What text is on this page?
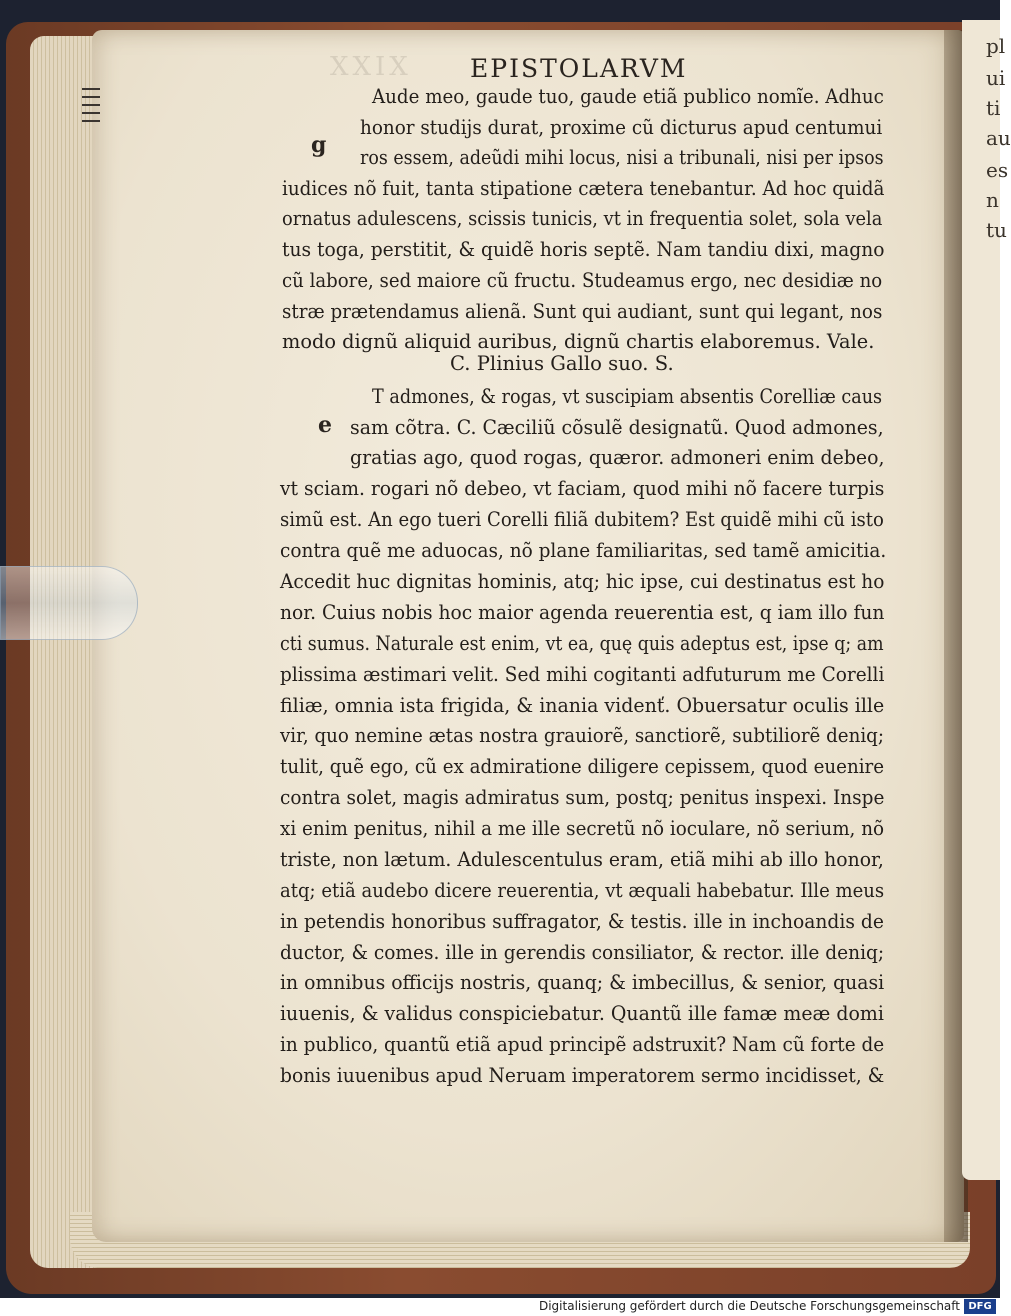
pl
ui
ti
au
es
n
tu
XXIX EPISTOLARVM
g
e
C. Plinius Gallo suo. S.
Aude meo, gaude tuo, gaude etiã publico nomĩe. Adhuc
honor studijs durat, proxime cũ dicturus apud centumui
ros essem, adeũdi mihi locus, nisi a tribunali, nisi per ipsos
iudices nõ fuit, tanta stipatione cætera tenebantur. Ad hoc quidã
ornatus adulescens, scissis tunicis, vt in frequentia solet, sola vela
tus toga, perstitit, & quidẽ horis septẽ. Nam tandiu dixi, magno
cũ labore, sed maiore cũ fructu. Studeamus ergo, nec desidiæ no
stræ prætendamus alienã. Sunt qui audiant, sunt qui legant, nos
modo dignũ aliquid auribus, dignũ chartis elaboremus. Vale.
T admones, & rogas, vt suscipiam absentis Corelliæ caus
sam cõtra. C. Cæciliũ cõsulẽ designatũ. Quod admones,
gratias ago, quod rogas, quæror. admoneri enim debeo,
vt sciam. rogari nõ debeo, vt faciam, quod mihi nõ facere turpis
simũ est. An ego tueri Corelli filiã dubitem? Est quidẽ mihi cũ isto
contra quẽ me aduocas, nõ plane familiaritas, sed tamẽ amicitia.
Accedit huc dignitas hominis, atq; hic ipse, cui destinatus est ho
nor. Cuius nobis hoc maior agenda reuerentia est, q iam illo fun
cti sumus. Naturale est enim, vt ea, quę quis adeptus est, ipse q; am
plissima æstimari velit. Sed mihi cogitanti adfuturum me Corelli
filiæ, omnia ista frigida, & inania videnť. Obuersatur oculis ille
vir, quo nemine ætas nostra grauiorẽ, sanctiorẽ, subtiliorẽ deniq;
tulit, quẽ ego, cũ ex admiratione diligere cepissem, quod euenire
contra solet, magis admiratus sum, postq; penitus inspexi. Inspe
xi enim penitus, nihil a me ille secretũ nõ ioculare, nõ serium, nõ
triste, non lætum. Adulescentulus eram, etiã mihi ab illo honor,
atq; etiã audebo dicere reuerentia, vt æquali habebatur. Ille meus
in petendis honoribus suffragator, & testis. ille in inchoandis de
ductor, & comes. ille in gerendis consiliator, & rector. ille deniq;
in omnibus officijs nostris, quanq; & imbecillus, & senior, quasi
iuuenis, & validus conspiciebatur. Quantũ ille famæ meæ domi
in publico, quantũ etiã apud principẽ adstruxit? Nam cũ forte de
bonis iuuenibus apud Neruam imperatorem sermo incidisset, &
Digitalisierung gefördert durch die Deutsche Forschungsgemeinschaft DFG
